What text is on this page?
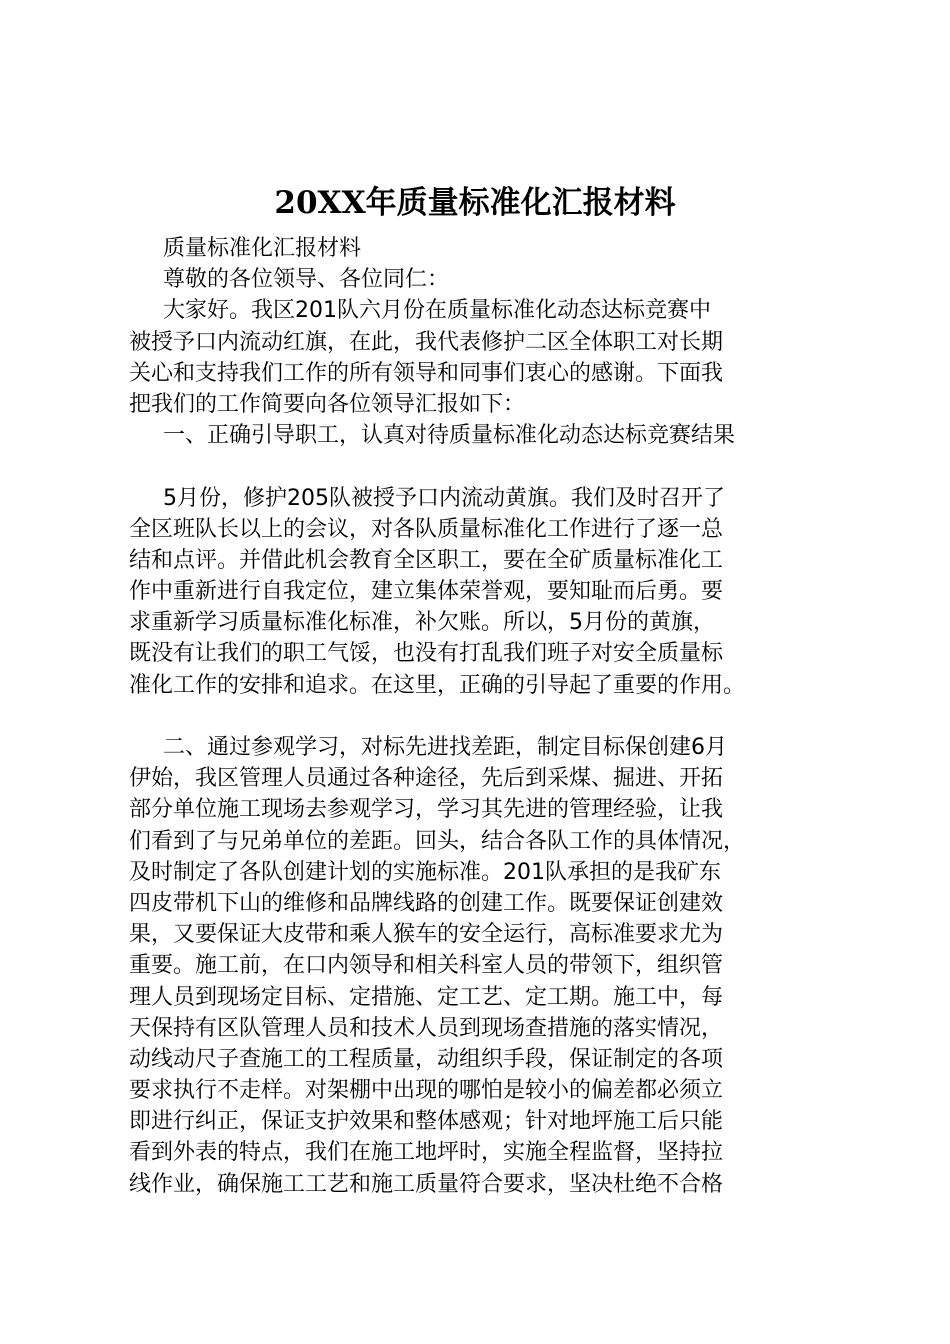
20XX年质量标准化汇报材料
质量标准化汇报材料
尊敬的各位领导、各位同仁：
大家好。我区201队六月份在质量标准化动态达标竞赛中
被授予口内流动红旗，在此，我代表修护二区全体职工对长期
关心和支持我们工作的所有领导和同事们衷心的感谢。下面我
把我们的工作简要向各位领导汇报如下：
一、正确引导职工，认真对待质量标准化动态达标竞赛结果
5月份，修护205队被授予口内流动黄旗。我们及时召开了
全区班队长以上的会议，对各队质量标准化工作进行了逐一总
结和点评。并借此机会教育全区职工，要在全矿质量标准化工
作中重新进行自我定位，建立集体荣誉观，要知耻而后勇。要
求重新学习质量标准化标准，补欠账。所以，5月份的黄旗，
既没有让我们的职工气馁，也没有打乱我们班子对安全质量标
准化工作的安排和追求。在这里，正确的引导起了重要的作用。
二、通过参观学习，对标先进找差距，制定目标保创建6月
伊始，我区管理人员通过各种途径，先后到采煤、掘进、开拓
部分单位施工现场去参观学习，学习其先进的管理经验，让我
们看到了与兄弟单位的差距。回头，结合各队工作的具体情况，
及时制定了各队创建计划的实施标准。201队承担的是我矿东
四皮带机下山的维修和品牌线路的创建工作。既要保证创建效
果，又要保证大皮带和乘人猴车的安全运行，高标准要求尤为
重要。施工前，在口内领导和相关科室人员的带领下，组织管
理人员到现场定目标、定措施、定工艺、定工期。施工中，每
天保持有区队管理人员和技术人员到现场查措施的落实情况，
动线动尺子查施工的工程质量，动组织手段，保证制定的各项
要求执行不走样。对架棚中出现的哪怕是较小的偏差都必须立
即进行纠正，保证支护效果和整体感观；针对地坪施工后只能
看到外表的特点，我们在施工地坪时，实施全程监督，坚持拉
线作业，确保施工工艺和施工质量符合要求，坚决杜绝不合格
